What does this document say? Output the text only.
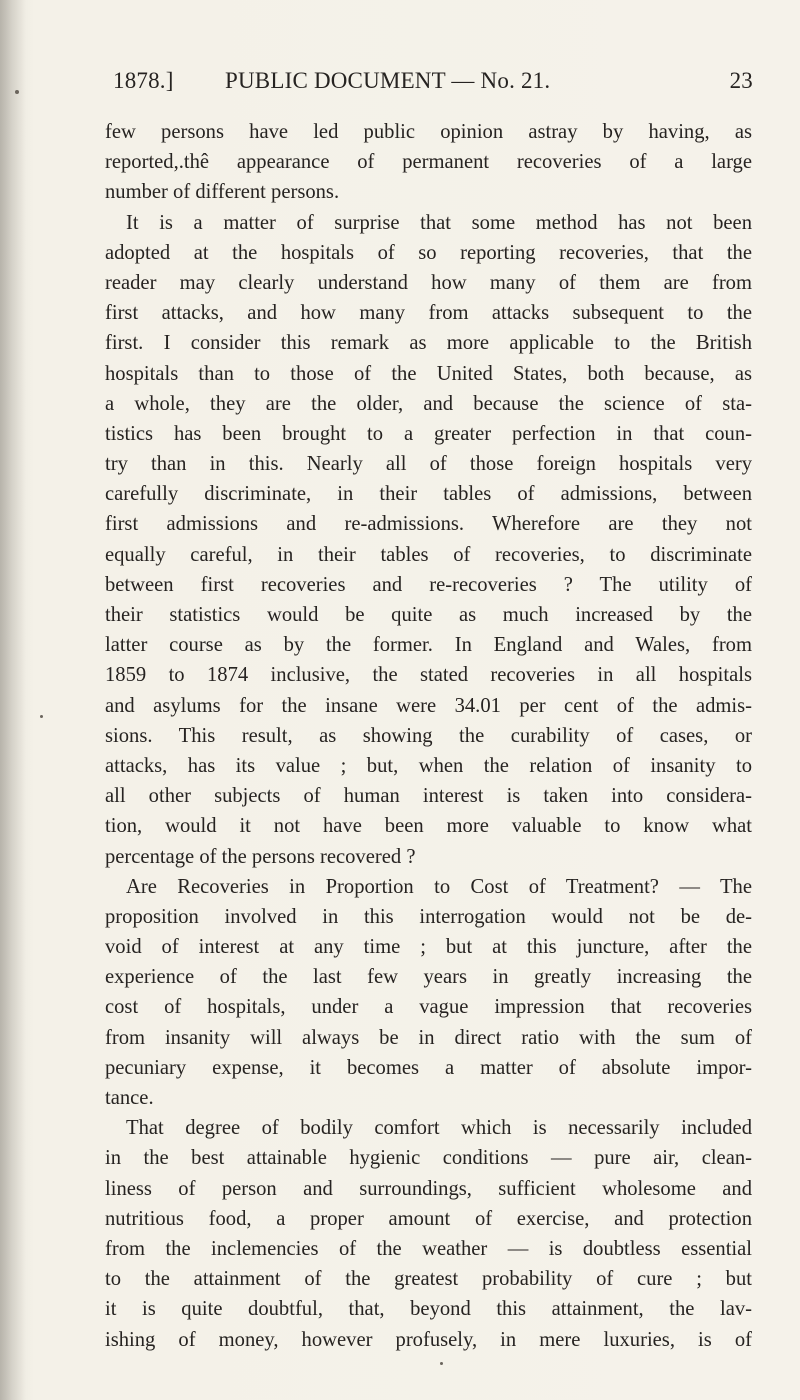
1878.] PUBLIC DOCUMENT — No. 21.	23
few persons have led public opinion astray by having, as
reported,.thê appearance of permanent recoveries of a large
number of different persons.
It is a matter of surprise that some method has not been
adopted at the hospitals of so reporting recoveries, that the
reader may clearly understand how many of them are from
first attacks, and how many from attacks subsequent to the
first. I consider this remark as more applicable to the British
hospitals than to those of the United States, both because, as
a whole, they are the older, and because the science of sta-
tistics has been brought to a greater perfection in that coun-
try than in this. Nearly all of those foreign hospitals very
carefully discriminate, in their tables of admissions, between
first admissions and re-admissions. Wherefore are they not
equally careful, in their tables of recoveries, to discriminate
between first recoveries and re-recoveries ? The utility of
their statistics would be quite as much increased by the
latter course as by the former. In England and Wales, from
1859 to 1874 inclusive, the stated recoveries in all hospitals
and asylums for the insane were 34.01 per cent of the admis-
sions. This result, as showing the curability of cases, or
attacks, has its value ; but, when the relation of insanity to
all other subjects of human interest is taken into considera-
tion, would it not have been more valuable to know what
percentage of the persons recovered ?
Are Recoveries in Proportion to Cost of Treatment? — The
proposition involved in this interrogation would not be de-
void of interest at any time ; but at this juncture, after the
experience of the last few years in greatly increasing the
cost of hospitals, under a vague impression that recoveries
from insanity will always be in direct ratio with the sum of
pecuniary expense, it becomes a matter of absolute impor-
tance.
That degree of bodily comfort which is necessarily included
in the best attainable hygienic conditions — pure air, clean-
liness of person and surroundings, sufficient wholesome and
nutritious food, a proper amount of exercise, and protection
from the inclemencies of the weather — is doubtless essential
to the attainment of the greatest probability of cure ; but
it is quite doubtful, that, beyond this attainment, the lav-
ishing of money, however profusely, in mere luxuries, is of
